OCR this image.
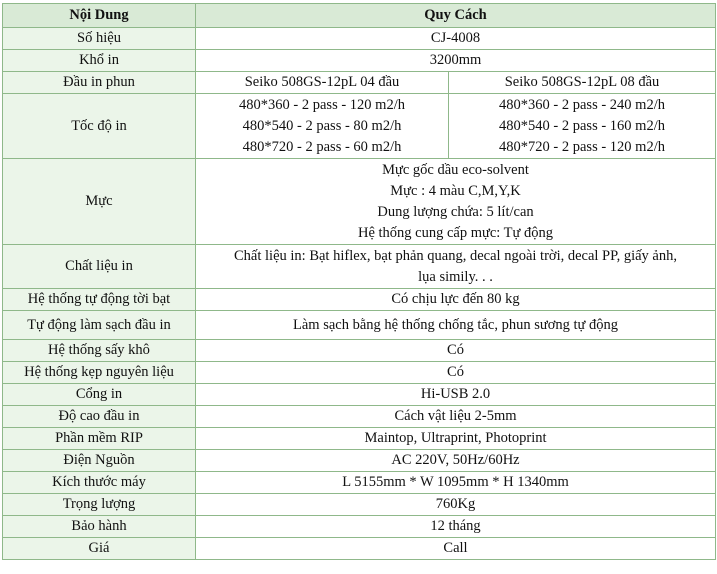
Nội Dung	Quy Cách	
Số hiệu	CJ-4008	
Khổ in	3200mm	
Đầu in phun	Seiko 508GS-12pL 04 đầu	Seiko 508GS-12pL 08 đầu
Tốc độ in	480*360 - 2 pass - 120 m2/h
480*540 - 2 pass - 80 m2/h
480*720 - 2 pass - 60 m2/h	480*360 - 2 pass - 240 m2/h
480*540 - 2 pass - 160 m2/h
480*720 - 2 pass - 120 m2/h

Mực	Mực gốc dầu eco-solvent
Mực : 4 màu C,M,Y,K
Dung lượng chứa: 5 lít/can
Hệ thống cung cấp mực: Tự động	

Chất liệu in	Chất liệu in: Bạt hiflex, bạt phản quang, decal ngoài trời, decal PP, giấy ảnh,
lụa simily. . .	

Hệ thống tự động tời bạt	Có chịu lực đến 80 kg	
Tự động làm sạch đầu in	Làm sạch bằng hệ thống chống tắc, phun sương tự động	
Hệ thống sấy khô	Có	
Hệ thống kẹp nguyên liệu	Có	
Cổng in	Hi-USB 2.0	
Độ cao đầu in	Cách vật liệu 2-5mm	
Phần mềm RIP	Maintop, Ultraprint, Photoprint	
Điện Nguồn	AC 220V, 50Hz/60Hz	
Kích thước máy	L 5155mm * W 1095mm * H 1340mm	
Trọng lượng	760Kg	
Bảo hành	12 tháng	
Giá	Call	
